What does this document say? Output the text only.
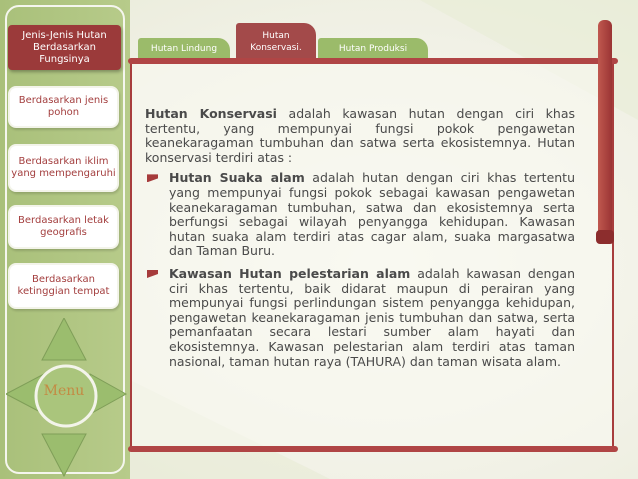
Jenis-Jenis Hutan Berdasarkan Fungsinya
Berdasarkan jenis pohon
Berdasarkan iklim yang mempengaruhi
Berdasarkan letak geografis
Berdasarkan ketinggian tempat
Menu
Hutan Lindung
Hutan Konservasi.	Hutan Produksi

Hutan Konservasi adalah kawasan hutan dengan ciri khas tertentu, yang mempunyai fungsi pokok pengawetan keanekaragaman tumbuhan dan satwa serta ekosistemnya. Hutan konservasi terdiri atas :

Hutan Suaka alam adalah hutan dengan ciri khas tertentu yang mempunyai fungsi pokok sebagai kawasan pengawetan keanekaragaman tumbuhan, satwa dan ekosistemnya serta berfungsi sebagai wilayah penyangga kehidupan. Kawasan hutan suaka alam terdiri atas cagar alam, suaka margasatwa dan Taman Buru.
Kawasan Hutan pelestarian alam adalah kawasan dengan ciri khas tertentu, baik didarat maupun di perairan yang mempunyai fungsi perlindungan sistem penyangga kehidupan, pengawetan keanekaragaman jenis tumbuhan dan satwa, serta pemanfaatan secara lestari sumber alam hayati dan ekosistemnya. Kawasan pelestarian alam terdiri atas taman nasional, taman hutan raya (TAHURA) dan taman wisata alam.
